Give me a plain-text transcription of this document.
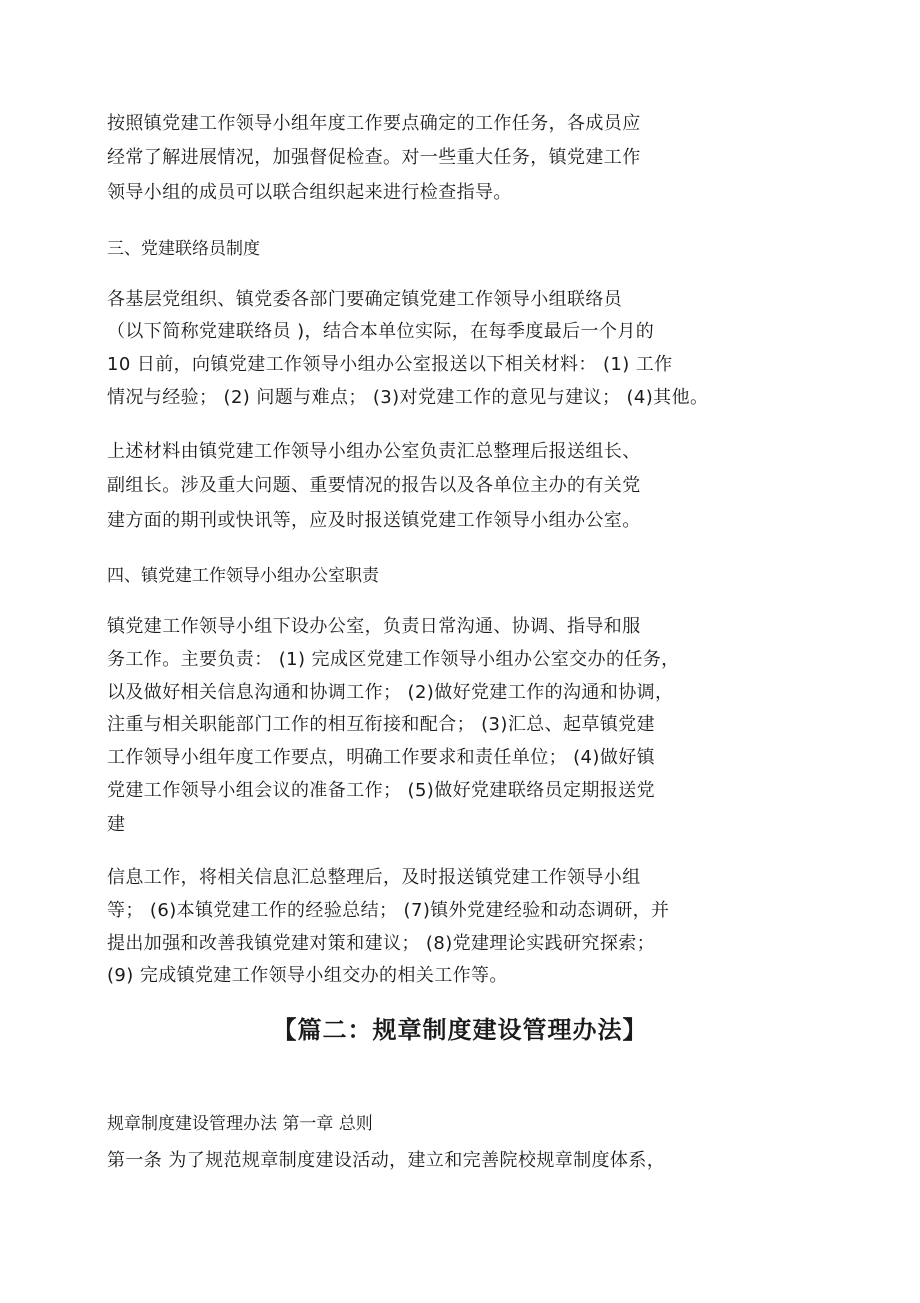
按照镇党建工作领导小组年度工作要点确定的工作任务，各成员应
经常了解进展情况，加强督促检查。对一些重大任务，镇党建工作
领导小组的成员可以联合组织起来进行检查指导。
三、党建联络员制度
各基层党组织、镇党委各部门要确定镇党建工作领导小组联络员
（以下简称党建联络员 )，结合本单位实际，在每季度最后一个月的
10 日前，向镇党建工作领导小组办公室报送以下相关材料： (1) 工作
情况与经验； (2) 问题与难点； (3)对党建工作的意见与建议； (4)其他。
上述材料由镇党建工作领导小组办公室负责汇总整理后报送组长、
副组长。涉及重大问题、重要情况的报告以及各单位主办的有关党
建方面的期刊或快讯等，应及时报送镇党建工作领导小组办公室。
四、镇党建工作领导小组办公室职责
镇党建工作领导小组下设办公室，负责日常沟通、协调、指导和服
务工作。主要负责： (1) 完成区党建工作领导小组办公室交办的任务，
以及做好相关信息沟通和协调工作； (2)做好党建工作的沟通和协调，
注重与相关职能部门工作的相互衔接和配合； (3)汇总、起草镇党建
工作领导小组年度工作要点，明确工作要求和责任单位； (4)做好镇
党建工作领导小组会议的准备工作； (5)做好党建联络员定期报送党
建
信息工作，将相关信息汇总整理后，及时报送镇党建工作领导小组
等； (6)本镇党建工作的经验总结； (7)镇外党建经验和动态调研，并
提出加强和改善我镇党建对策和建议； (8)党建理论实践研究探索；
(9) 完成镇党建工作领导小组交办的相关工作等。
【篇二：规章制度建设管理办法】
规章制度建设管理办法 第一章 总则
第一条 为了规范规章制度建设活动，建立和完善院校规章制度体系，
